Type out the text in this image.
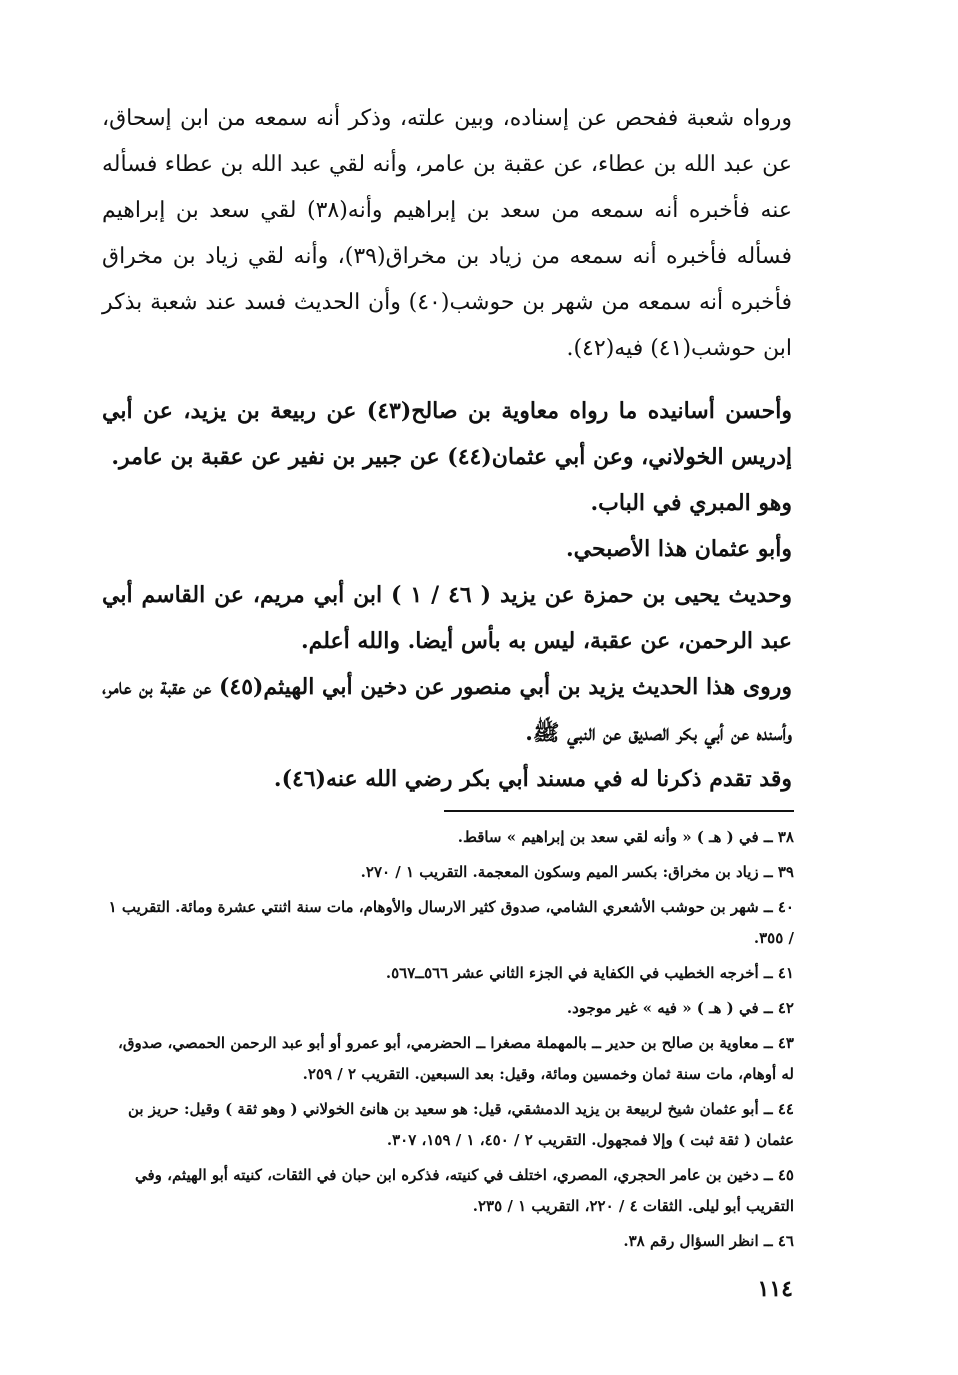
ورواه شعبة ففحص عن إسناده، وبين علته، وذكر أنه سمعه من ابن إسحاق، عن عبد الله بن عطاء، عن عقبة بن عامر، وأنه لقي عبد الله بن عطاء فسأله عنه فأخبره أنه سمعه من سعد بن إبراهيم وأنه(٣٨) لقي سعد بن إبراهيم فسأله فأخبره أنه سمعه من زياد بن مخراق(٣٩)، وأنه لقي زياد بن مخراق فأخبره أنه سمعه من شهر بن حوشب(٤٠) وأن الحديث فسد عند شعبة بذكر ابن حوشب(٤١) فيه(٤٢).

وأحسن أسانيده ما رواه معاوية بن صالح(٤٣) عن ربيعة بن يزيد، عن أبي إدريس الخولاني، وعن أبي عثمان(٤٤) عن جبير بن نفير عن عقبة بن عامر.

وهو المبري في الباب.

وأبو عثمان هذا الأصبحي.

وحديث يحيى بن حمزة عن يزيد ( ٤٦ / ١ ) ابن أبي مريم، عن القاسم أبي عبد الرحمن، عن عقبة، ليس به بأس أيضا. والله أعلم.

وروى هذا الحديث يزيد بن أبي منصور عن دخين أبي الهيثم(٤٥) عن عقبة بن عامر، وأسنده عن أبي بكر الصديق عن النبي ﷺ.

وقد تقدم ذكرنا له في مسند أبي بكر رضي الله عنه(٤٦).

٣٨ ــ في ( هـ ) « وأنه لقي سعد بن إبراهيم » ساقط.

٣٩ ــ زياد بن مخراق: بكسر الميم وسكون المعجمة. التقريب ١ / ٢٧٠.

٤٠ ــ شهر بن حوشب الأشعري الشامي، صدوق كثير الارسال والأوهام، مات سنة اثنتي عشرة ومائة. التقريب ١ / ٣٥٥.

٤١ ــ أخرجه الخطيب في الكفاية في الجزء الثاني عشر ٥٦٦ــ٥٦٧.

٤٢ ــ في ( هـ ) « فيه » غير موجود.

٤٣ ــ معاوية بن صالح بن حدير ــ بالمهملة مصغرا ــ الحضرمي، أبو عمرو أو أبو عبد الرحمن الحمصي، صدوق، له أوهام، مات سنة ثمان وخمسين ومائة، وقيل: بعد السبعين. التقريب ٢ / ٢٥٩.

٤٤ ــ أبو عثمان شيخ لربيعة بن يزيد الدمشقي، قيل: هو سعيد بن هانئ الخولاني ( وهو ثقة ) وقيل: حريز بن عثمان ( ثقة ثبت ) وإلا فمجهول. التقريب ٢ / ٤٥٠، ١ / ١٥٩، ٣٠٧.

٤٥ ــ دخين بن عامر الحجري، المصري، اختلف في كنيته، فذكره ابن حبان في الثقات، كنيته أبو الهيثم، وفي التقريب أبو ليلى. الثقات ٤ / ٢٢٠، التقريب ١ / ٢٣٥.

٤٦ ــ انظر السؤال رقم ٣٨.

١١٤
